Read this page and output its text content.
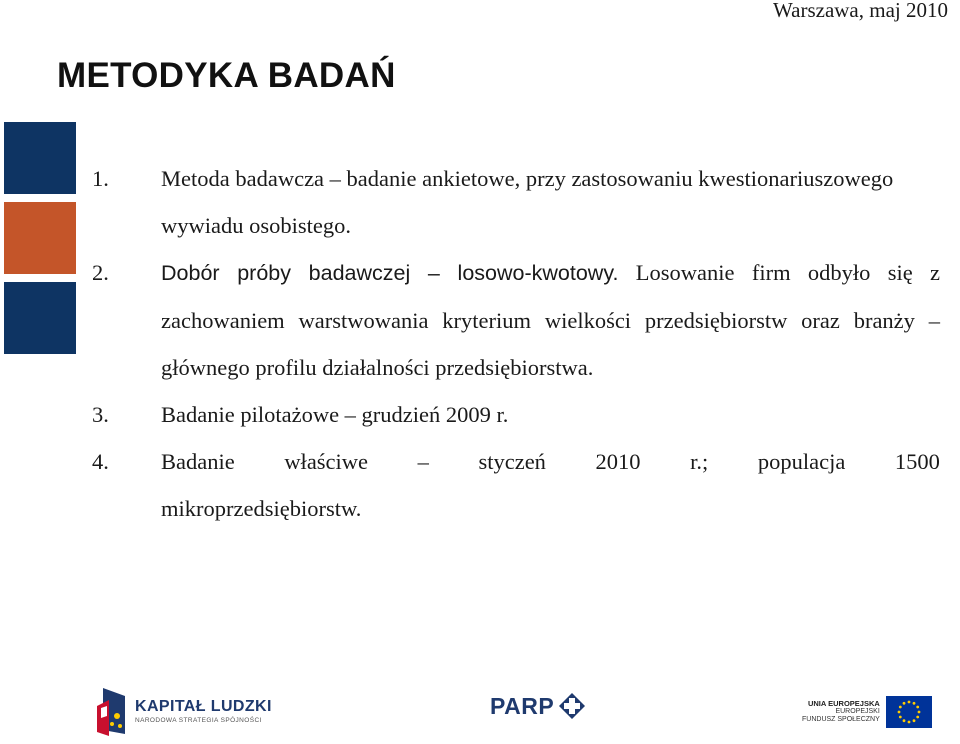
Warszawa, maj 2010
METODYKA BADAŃ
1. Metoda badawcza – badanie ankietowe, przy zastosowaniu kwestionariuszowego wywiadu osobistego.
2. Dobór próby badawczej – losowo-kwotowy. Losowanie firm odbyło się z zachowaniem warstwowania kryterium wielkości przedsiębiorstw oraz branży – głównego profilu działalności przedsiębiorstwa.
3. Badanie pilotażowe – grudzień 2009 r.
4. Badanie właściwe – styczeń 2010 r.; populacja 1500
mikroprzedsiębiorstw.
KAPITAŁ LUDZKI
NARODOWA STRATEGIA SPÓJNOŚCI
PARP	UNIA EUROPEJSKA
EUROPEJSKI
FUNDUSZ SPOŁECZNY
